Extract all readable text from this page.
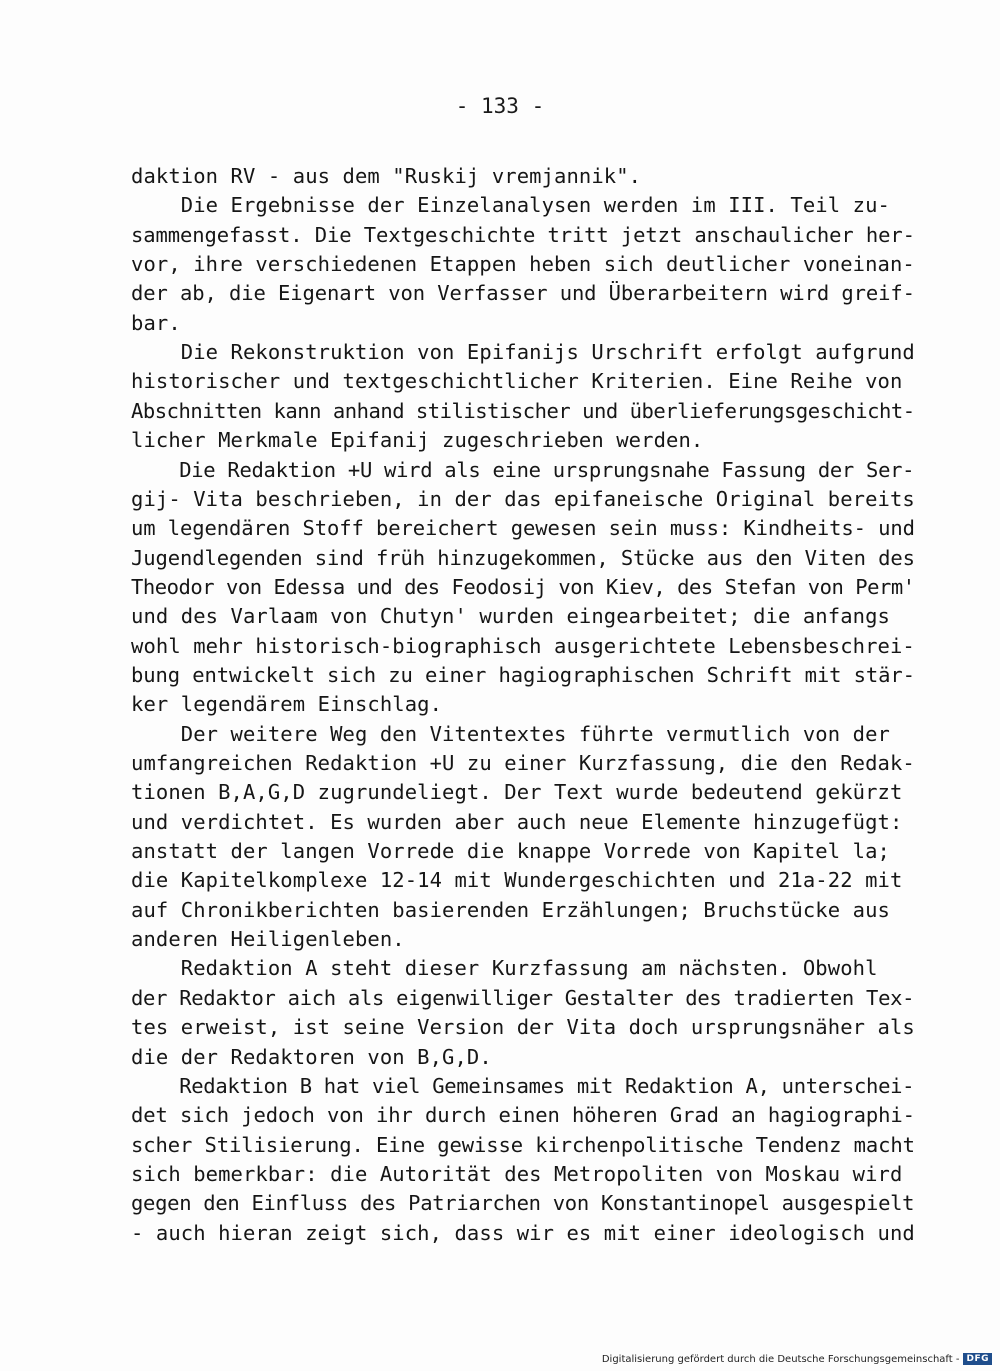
- 133 -
daktion RV - aus dem "Ruskij vremjannik".
Die Ergebnisse der Einzelanalysen werden im III. Teil zu-
sammengefasst. Die Textgeschichte tritt jetzt anschaulicher her-
vor, ihre verschiedenen Etappen heben sich deutlicher voneinan-
der ab, die Eigenart von Verfasser und Überarbeitern wird greif-
bar.
Die Rekonstruktion von Epifanijs Urschrift erfolgt aufgrund
historischer und textgeschichtlicher Kriterien. Eine Reihe von
Abschnitten kann anhand stilistischer und überlieferungsgeschicht-
licher Merkmale Epifanij zugeschrieben werden.
Die Redaktion +U wird als eine ursprungsnahe Fassung der Ser-
gij- Vita beschrieben, in der das epifaneische Original bereits
um legendären Stoff bereichert gewesen sein muss: Kindheits- und
Jugendlegenden sind früh hinzugekommen, Stücke aus den Viten des
Theodor von Edessa und des Feodosij von Kiev, des Stefan von Perm'
und des Varlaam von Chutyn' wurden eingearbeitet; die anfangs
wohl mehr historisch-biographisch ausgerichtete Lebensbeschrei-
bung entwickelt sich zu einer hagiographischen Schrift mit stär-
ker legendärem Einschlag.
Der weitere Weg den Vitentextes führte vermutlich von der
umfangreichen Redaktion +U zu einer Kurzfassung, die den Redak-
tionen B,A,G,D zugrundeliegt. Der Text wurde bedeutend gekürzt
und verdichtet. Es wurden aber auch neue Elemente hinzugefügt:
anstatt der langen Vorrede die knappe Vorrede von Kapitel la;
die Kapitelkomplexe 12-14 mit Wundergeschichten und 21a-22 mit
auf Chronikberichten basierenden Erzählungen; Bruchstücke aus
anderen Heiligenleben.
Redaktion A steht dieser Kurzfassung am nächsten. Obwohl
der Redaktor aich als eigenwilliger Gestalter des tradierten Tex-
tes erweist, ist seine Version der Vita doch ursprungsnäher als
die der Redaktoren von B,G,D.
Redaktion B hat viel Gemeinsames mit Redaktion A, unterschei-
det sich jedoch von ihr durch einen höheren Grad an hagiographi-
scher Stilisierung. Eine gewisse kirchenpolitische Tendenz macht
sich bemerkbar: die Autorität des Metropoliten von Moskau wird
gegen den Einfluss des Patriarchen von Konstantinopel ausgespielt
- auch hieran zeigt sich, dass wir es mit einer ideologisch und
Digitalisierung gefördert durch die Deutsche Forschungsgemeinschaft - DFG
